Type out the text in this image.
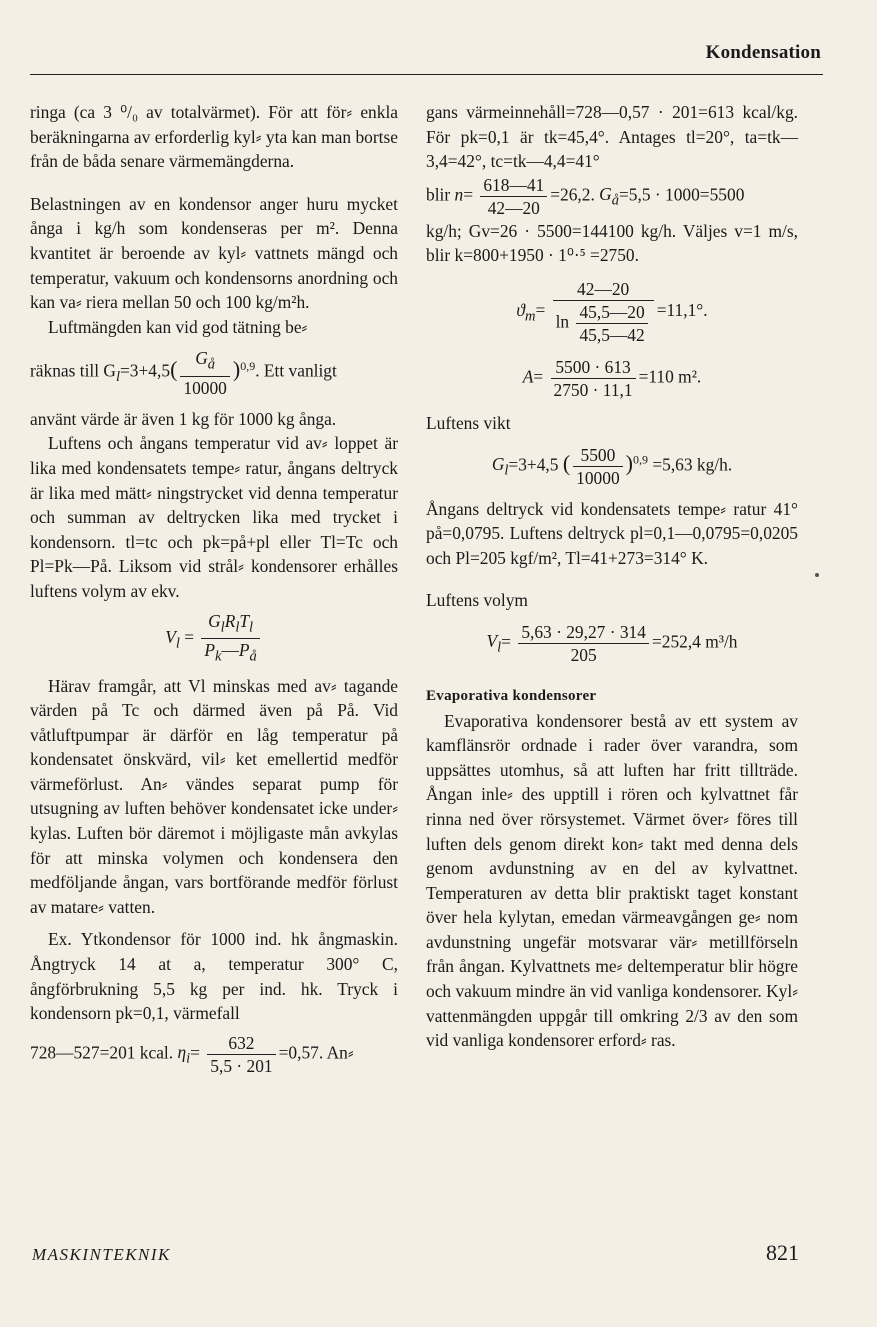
Kondensation

ringa (ca 3 ⁰/₀ av totalvärmet). För att för⸗ enkla beräkningarna av erforderlig kyl⸗ yta kan man bortse från de båda senare värmemängderna.

Belastningen av en kondensor anger huru mycket ånga i kg/h som kondenseras per m². Denna kvantitet är beroende av kyl⸗ vattnets mängd och temperatur, vakuum och kondensorns anordning och kan va⸗ riera mellan 50 och 100 kg/m²h.

Luftmängden kan vid god tätning be⸗

räknas till $G_l=3+4,5( \frac{G_å}{10000} )^{0,9}$. Ett vanligt

använt värde är även 1 kg för 1000 kg ånga.

Luftens och ångans temperatur vid av⸗ loppet är lika med kondensatets tempe⸗ ratur, ångans deltryck är lika med mätt⸗ ningstrycket vid denna temperatur och summan av deltrycken lika med trycket i kondensorn. tl=tc och pk=på+pl eller Tl=Tc och Pl=Pk—På. Liksom vid strål⸗ kondensorer erhålles luftens volym av ekv.

$V_l = \frac{G_lR_lT_l}{P_k—P_å}$

Härav framgår, att Vl minskas med av⸗ tagande värden på Tc och därmed även på På. Vid våtluftpumpar är därför en låg temperatur på kondensatet önskvärd, vil⸗ ket emellertid medför värmeförlust. An⸗ vändes separat pump för utsugning av luften behöver kondensatet icke under⸗ kylas. Luften bör däremot i möjligaste mån avkylas för att minska volymen och kondensera den medföljande ångan, vars bortförande medför förlust av matare⸗ vatten.

Ex. Ytkondensor för 1000 ind. hk ångmaskin. Ångtryck 14 at a, temperatur 300° C, ångförbrukning 5,5 kg per ind. hk. Tryck i kondensorn pk=0,1, värmefall

728—527=201 kcal. $\eta_i= \frac{632}{5,5 \cdot 201} =0,57$. An⸗

gans värmeinnehåll=728—0,57 · 201=613 kcal/kg. För pk=0,1 är tk=45,4°. Antages tl=20°, ta=tk—3,4=42°, tc=tk—4,4=41°

blir $n= \frac{618—41}{42—20} =26,2$. $G_å=5,5 \cdot 1000=5500$

kg/h; Gv=26 · 5500=144100 kg/h. Väljes v=1 m/s, blir k=800+1950 · 1⁰·⁵ =2750.

$ϑ_m= \frac{42—20}{\ln \frac{45,5—20}{45,5—42}} =11,1^\circ$.
$A= \frac{5500 \cdot 613}{2750 \cdot 11,1} =110$ m².

Luftens vikt

$G_l=3+4,5$ ( $\frac{5500}{10000} )^{0,9} =5,63$ kg/h.

Ångans deltryck vid kondensatets tempe⸗ ratur 41° på=0,0795. Luftens deltryck pl=0,1—0,0795=0,0205 och Pl=205 kgf/m², Tl=41+273=314° K.

Luftens volym

$V_l= \frac{5,63 \cdot 29,27 \cdot 314}{205} =252,4$ m³/h

Evaporativa kondensorer

Evaporativa kondensorer bestå av ett system av kamflänsrör ordnade i rader över varandra, som uppsättes utomhus, så att luften har fritt tillträde. Ångan inle⸗ des upptill i rören och kylvattnet får rinna ned över rörsystemet. Värmet över⸗ föres till luften dels genom direkt kon⸗ takt med denna dels genom avdunstning av en del av kylvattnet. Temperaturen av detta blir praktiskt taget konstant över hela kylytan, emedan värmeavgången ge⸗ nom avdunstning ungefär motsvarar vär⸗ metillförseln från ångan. Kylvattnets me⸗ deltemperatur blir högre och vakuum mindre än vid vanliga kondensorer. Kyl⸗ vattenmängden uppgår till omkring 2/3 av den som vid vanliga kondensorer erford⸗ ras.

MASKINTEKNIK	821
